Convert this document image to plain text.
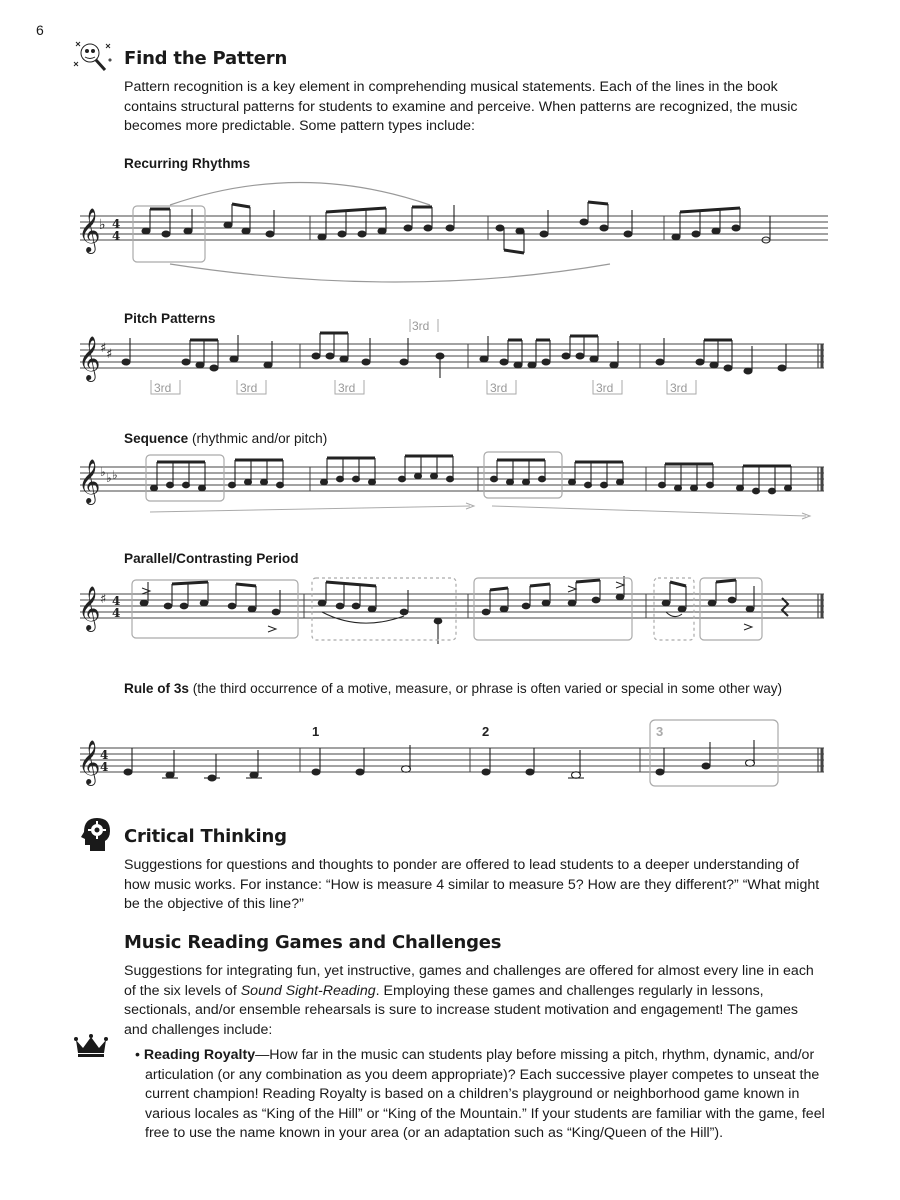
6
Find the Pattern
Pattern recognition is a key element in comprehending musical statements. Each of the lines in the book contains structural patterns for students to examine and perceive. When patterns are recognized, the music becomes more predictable. Some pattern types include:
Recurring Rhythms
𝄞
♭ 4
4
Pitch Patterns
𝄞 ♯ ♯
3rd
3rd	3rd	3rd	3rd	3rd	3rd
Sequence (rhythmic and/or pitch)
𝄞 ♭ ♭ ♭
Parallel/Contrasting Period
𝄞 ♯ 4
4
Rule of 3s (the third occurrence of a motive, measure, or phrase is often varied or special in some other way)
𝄞 4
4
1	2	3
Critical Thinking
Suggestions for questions and thoughts to ponder are offered to lead students to a deeper understanding of how music works. For instance: “How is measure 4 similar to measure 5? How are they different?” “What might be the objective of this line?”
Music Reading Games and Challenges
Suggestions for integrating fun, yet instructive, games and challenges are offered for almost every line in each of the six levels of Sound Sight-Reading. Employing these games and challenges regularly in lessons, sectionals, and/or ensemble rehearsals is sure to increase student motivation and engagement! The games and challenges include:
• Reading Royalty—How far in the music can students play before missing a pitch, rhythm, dynamic, and/or articulation (or any combination as you deem appropriate)? Each successive player competes to unseat the current champion! Reading Royalty is based on a children’s playground or neighborhood game known in various locales as “King of the Hill” or “King of the Mountain.” If your students are familiar with the game, feel free to use the name known in your area (or an adaptation such as “King/Queen of the Hill”).
